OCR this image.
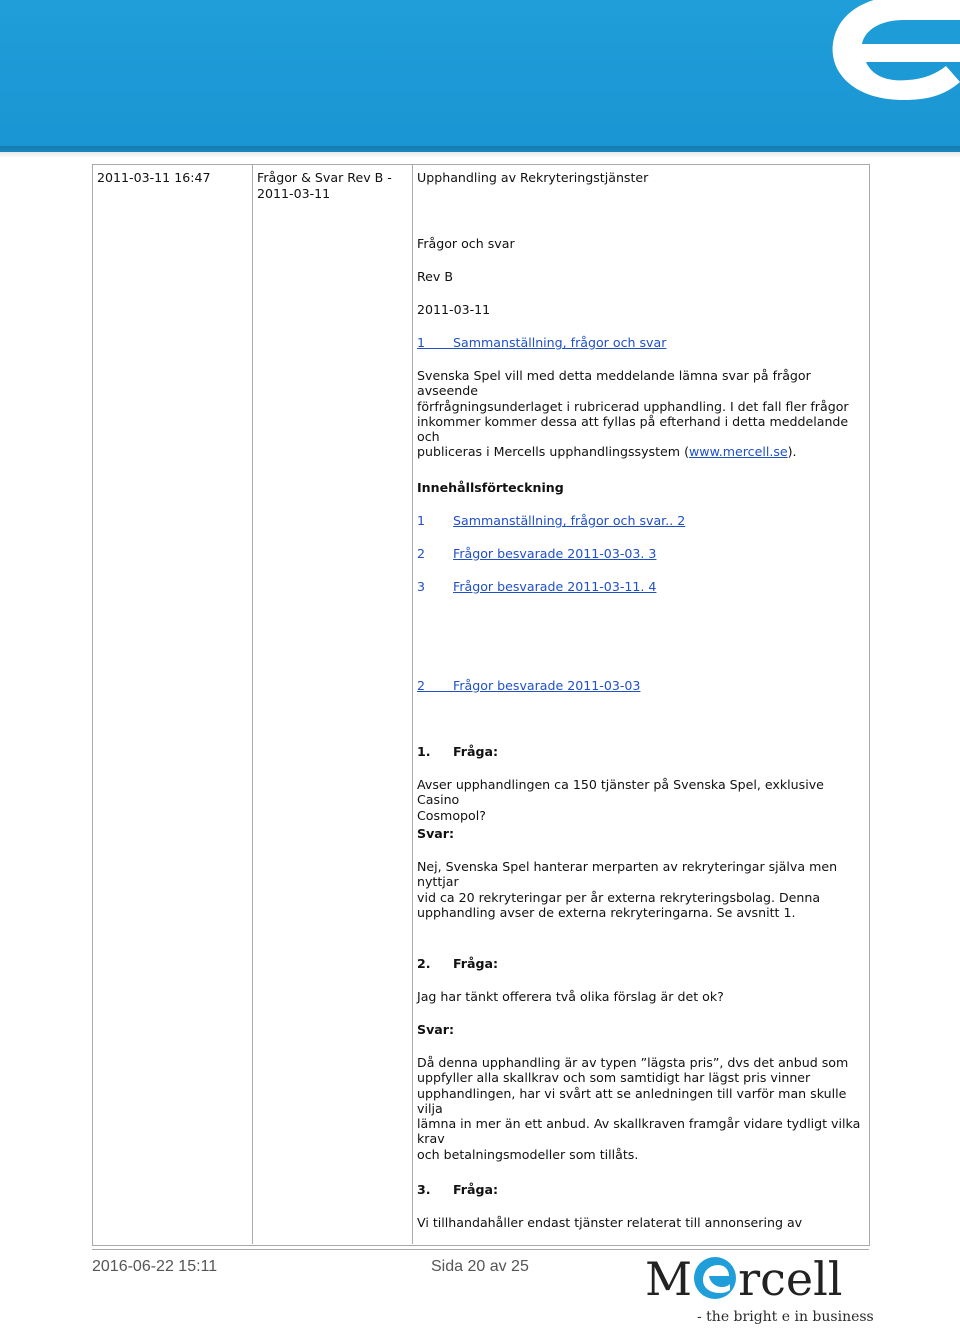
2011-03-11 16:47	Frågor & Svar Rev B -
2011-03-11
Upphandling av Rekryteringstjänster
Frågor och svar
Rev B
2011-03-11
1       Sammanställning, frågor och svar
Svenska Spel vill med detta meddelande lämna svar på frågor avseende
förfrågningsunderlaget i rubricerad upphandling. I det fall fler frågor
inkommer kommer dessa att fyllas på efterhand i detta meddelande och
publiceras i Mercells upphandlingssystem (www.mercell.se).
Innehållsförteckning
1 Sammanställning, frågor och svar.. 2
2 Frågor besvarade 2011-03-03. 3
3 Frågor besvarade 2011-03-11. 4
2       Frågor besvarade 2011-03-03
1. Fråga:
Avser upphandlingen ca 150 tjänster på Svenska Spel, exklusive Casino
Cosmopol?
Svar:
Nej, Svenska Spel hanterar merparten av rekryteringar själva men nyttjar
vid ca 20 rekryteringar per år externa rekryteringsbolag. Denna
upphandling avser de externa rekryteringarna. Se avsnitt 1.
2. Fråga:
Jag har tänkt offerera två olika förslag är det ok?
Svar:
Då denna upphandling är av typen ”lägsta pris”, dvs det anbud som
uppfyller alla skallkrav och som samtidigt har lägst pris vinner
upphandlingen, har vi svårt att se anledningen till varför man skulle vilja
lämna in mer än ett anbud. Av skallkraven framgår vidare tydligt vilka krav
och betalningsmodeller som tillåts.
3. Fråga:
Vi tillhandahåller endast tjänster relaterat till annonsering av
2016-06-22 15:11	Sida 20 av 25	M rcell
- the bright e in business
